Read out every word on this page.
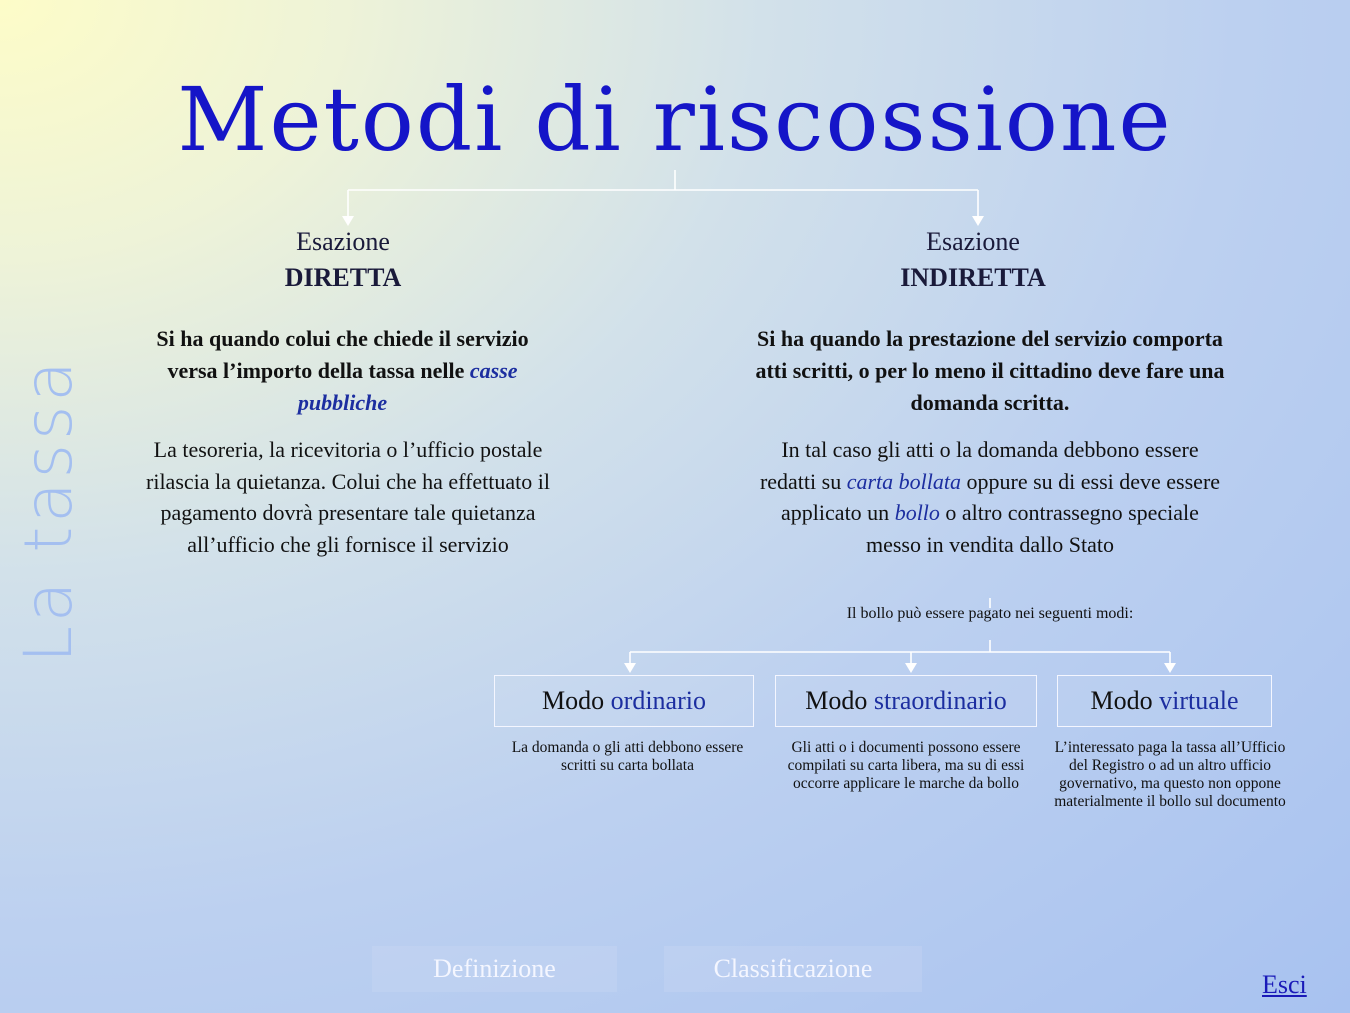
Metodi di riscossione
La tassa
Esazione
DIRETTA
Si ha quando colui che chiede il servizio versa l’importo della tassa nelle casse pubbliche
La tesoreria, la ricevitoria o l’ufficio postale rilascia la quietanza. Colui che ha effettuato il pagamento dovrà presentare tale quietanza all’ufficio che gli fornisce il servizio
Esazione
INDIRETTA
Si ha quando la prestazione del servizio comporta atti scritti, o per lo meno il cittadino deve fare una domanda scritta.
In tal caso gli atti o la domanda debbono essere redatti su carta bollata oppure su di essi deve essere applicato un bollo o altro contrassegno speciale messo in vendita dallo Stato
Il bollo può essere pagato nei seguenti modi:
Modo ordinario	Modo straordinario	Modo virtuale
La domanda o gli atti debbono essere scritti su carta bollata
Gli atti o i documenti possono essere compilati su carta libera, ma su di essi occorre applicare le marche da bollo
L’interessato paga la tassa all’Ufficio del Registro o ad un altro ufficio governativo, ma questo non oppone materialmente il bollo sul documento
Definizione	Classificazione
Esci
